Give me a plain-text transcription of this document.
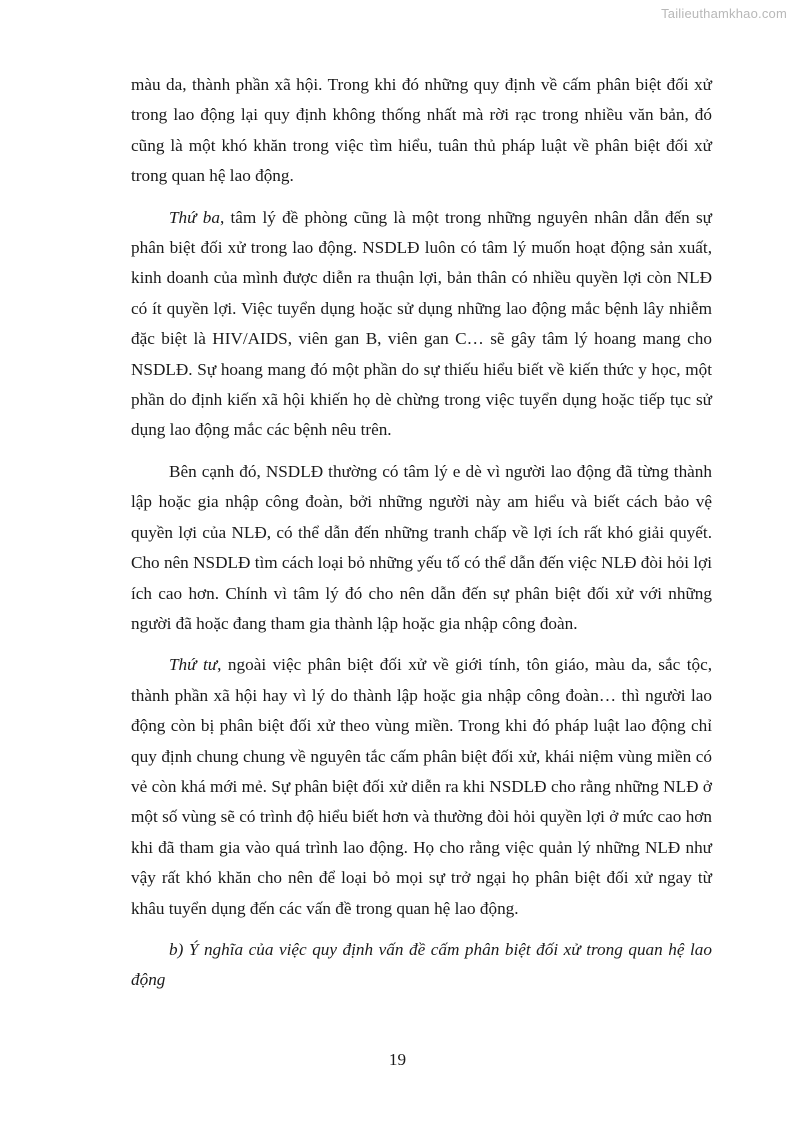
Tailieuthamkhao.com

màu da, thành phần xã hội. Trong khi đó những quy định về cấm phân biệt đối xử trong lao động lại quy định không thống nhất mà rời rạc trong nhiều văn bản, đó cũng là một khó khăn trong việc tìm hiểu, tuân thủ pháp luật về phân biệt đối xử trong quan hệ lao động.

Thứ ba, tâm lý đề phòng cũng là một trong những nguyên nhân dẫn đến sự phân biệt đối xử trong lao động. NSDLĐ luôn có tâm lý muốn hoạt động sản xuất, kinh doanh của mình được diễn ra thuận lợi, bản thân có nhiều quyền lợi còn NLĐ có ít quyền lợi. Việc tuyển dụng hoặc sử dụng những lao động mắc bệnh lây nhiễm đặc biệt là HIV/AIDS, viên gan B, viên gan C… sẽ gây tâm lý hoang mang cho NSDLĐ. Sự hoang mang đó một phần do sự thiếu hiểu biết về kiến thức y học, một phần do định kiến xã hội khiến họ dè chừng trong việc tuyển dụng hoặc tiếp tục sử dụng lao động mắc các bệnh nêu trên.

Bên cạnh đó, NSDLĐ thường có tâm lý e dè vì người lao động đã từng thành lập hoặc gia nhập công đoàn, bởi những người này am hiểu và biết cách bảo vệ quyền lợi của NLĐ, có thể dẫn đến những tranh chấp về lợi ích rất khó giải quyết. Cho nên NSDLĐ tìm cách loại bỏ những yếu tố có thể dẫn đến việc NLĐ đòi hỏi lợi ích cao hơn. Chính vì tâm lý đó cho nên dẫn đến sự phân biệt đối xử với những người đã hoặc đang tham gia thành lập hoặc gia nhập công đoàn.

Thứ tư, ngoài việc phân biệt đối xử về giới tính, tôn giáo, màu da, sắc tộc, thành phần xã hội hay vì lý do thành lập hoặc gia nhập công đoàn… thì người lao động còn bị phân biệt đối xử theo vùng miền. Trong khi đó pháp luật lao động chỉ quy định chung chung về nguyên tắc cấm phân biệt đối xử, khái niệm vùng miền có vẻ còn khá mới mẻ. Sự phân biệt đối xử diễn ra khi NSDLĐ cho rằng những NLĐ ở một số vùng sẽ có trình độ hiểu biết hơn và thường đòi hỏi quyền lợi ở mức cao hơn khi đã tham gia vào quá trình lao động. Họ cho rằng việc quản lý những NLĐ như vậy rất khó khăn cho nên để loại bỏ mọi sự trở ngại họ phân biệt đối xử ngay từ khâu tuyển dụng đến các vấn đề trong quan hệ lao động.

b) Ý nghĩa của việc quy định vấn đề cấm phân biệt đối xử trong quan hệ lao động

19
